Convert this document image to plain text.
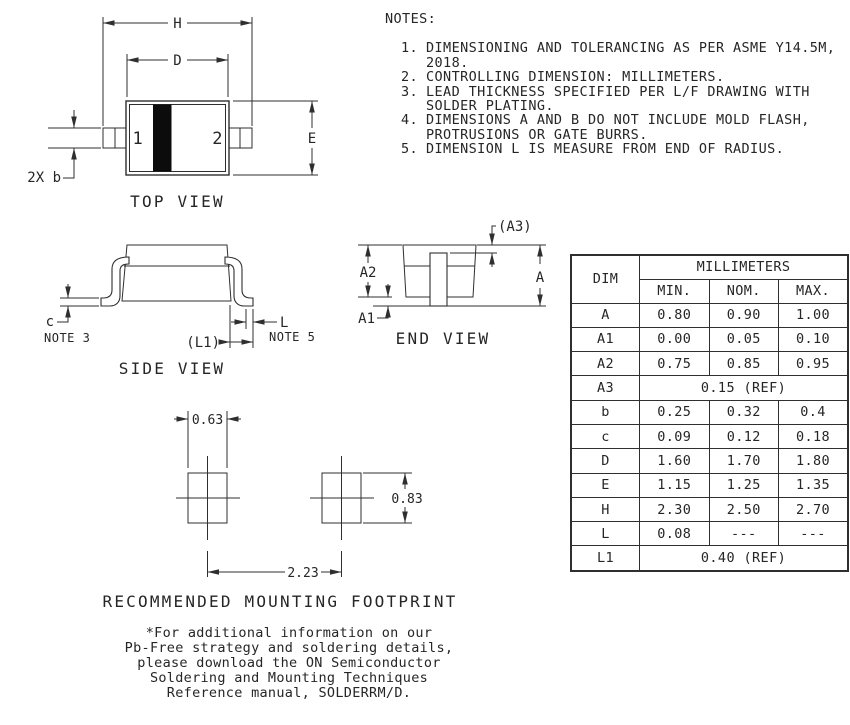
H
D
1	2	E
2X b
TOP VIEW
c
NOTE 3
L
NOTE 5
(L1)
SIDE VIEW
A2
A1
(A3)
A
END VIEW
0.63
0.83
2.23
RECOMMENDED MOUNTING FOOTPRINT
NOTES:
1. DIMENSIONING AND TOLERANCING AS PER ASME Y14.5M,
2018.
2. CONTROLLING DIMENSION: MILLIMETERS.
3. LEAD THICKNESS SPECIFIED PER L/F DRAWING WITH
SOLDER PLATING.
4. DIMENSIONS A AND B DO NOT INCLUDE MOLD FLASH,
PROTRUSIONS OR GATE BURRS.
5. DIMENSION L IS MEASURE FROM END OF RADIUS.
DIM	MILLIMETERS		
	MIN.	NOM.	MAX.
A	0.80	0.90	1.00
A1	0.00	0.05	0.10
A2	0.75	0.85	0.95
A3	0.15 (REF)		
b	0.25	0.32	0.4
c	0.09	0.12	0.18
D	1.60	1.70	1.80
E	1.15	1.25	1.35
H	2.30	2.50	2.70
L	0.08	---	---
L1	0.40 (REF)		
*For additional information on our
Pb-Free strategy and soldering details,
please download the ON Semiconductor
Soldering and Mounting Techniques
Reference manual, SOLDERRM/D.
